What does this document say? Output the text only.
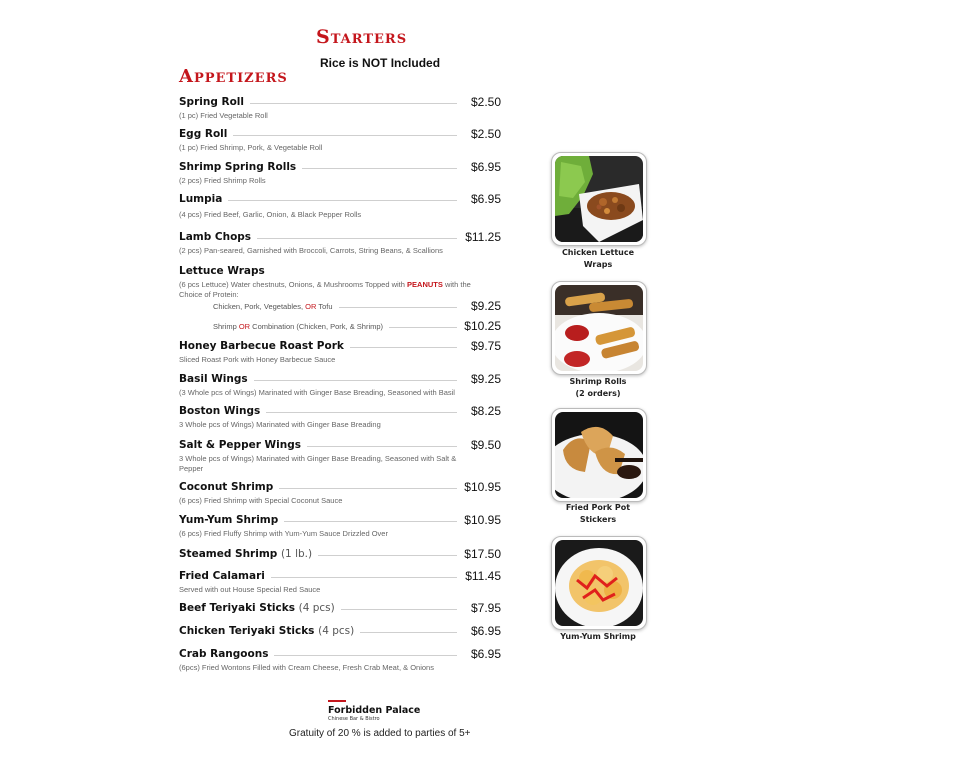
Starters
Rice is NOT Included
Appetizers
Spring Roll	$2.50
(1 pc) Fried Vegetable Roll
Egg Roll	$2.50
(1 pc) Fried Shrimp, Pork, & Vegetable Roll
Shrimp Spring Rolls	$6.95
(2 pcs) Fried Shrimp Rolls
Lumpia	$6.95
(4 pcs) Fried Beef, Garlic, Onion, & Black Pepper Rolls
Lamb Chops	$11.25
(2 pcs) Pan-seared, Garnished with Broccoli, Carrots, String Beans, & Scallions
Lettuce Wraps
(6 pcs Lettuce) Water chestnuts, Onions, & Mushrooms Topped with PEANUTS with the Choice of Protein:
Chicken, Pork, Vegetables, OR Tofu	$9.25
Shrimp OR Combination (Chicken, Pork, & Shrimp)	$10.25
Honey Barbecue Roast Pork	$9.75
Sliced Roast Pork with Honey Barbecue Sauce
Basil Wings	$9.25
(3 Whole pcs of Wings) Marinated with Ginger Base Breading, Seasoned with Basil
Boston Wings	$8.25
3 Whole pcs of Wings) Marinated with Ginger Base Breading
Salt & Pepper Wings	$9.50
3 Whole pcs of Wings) Marinated with Ginger Base Breading, Seasoned with Salt & Pepper
Coconut Shrimp	$10.95
(6 pcs) Fried Shrimp with Special Coconut Sauce
Yum-Yum Shrimp	$10.95
(6 pcs) Fried Fluffy Shrimp with Yum-Yum Sauce Drizzled Over
Steamed Shrimp (1 lb.)	$17.50
Fried Calamari	$11.45
Served with out House Special Red Sauce
Beef Teriyaki Sticks (4 pcs)	$7.95
Chicken Teriyaki Sticks (4 pcs)	$6.95
Crab Rangoons	$6.95
(6pcs) Fried Wontons Filled with Cream Cheese, Fresh Crab Meat, & Onions
Chicken Lettuce
Wraps
Shrimp Rolls
(2 orders)
Fried Pork Pot
Stickers
Yum-Yum Shrimp
Forbidden Palace
Chinese Bar & Bistro
Gratuity of 20 % is added to parties of 5+
